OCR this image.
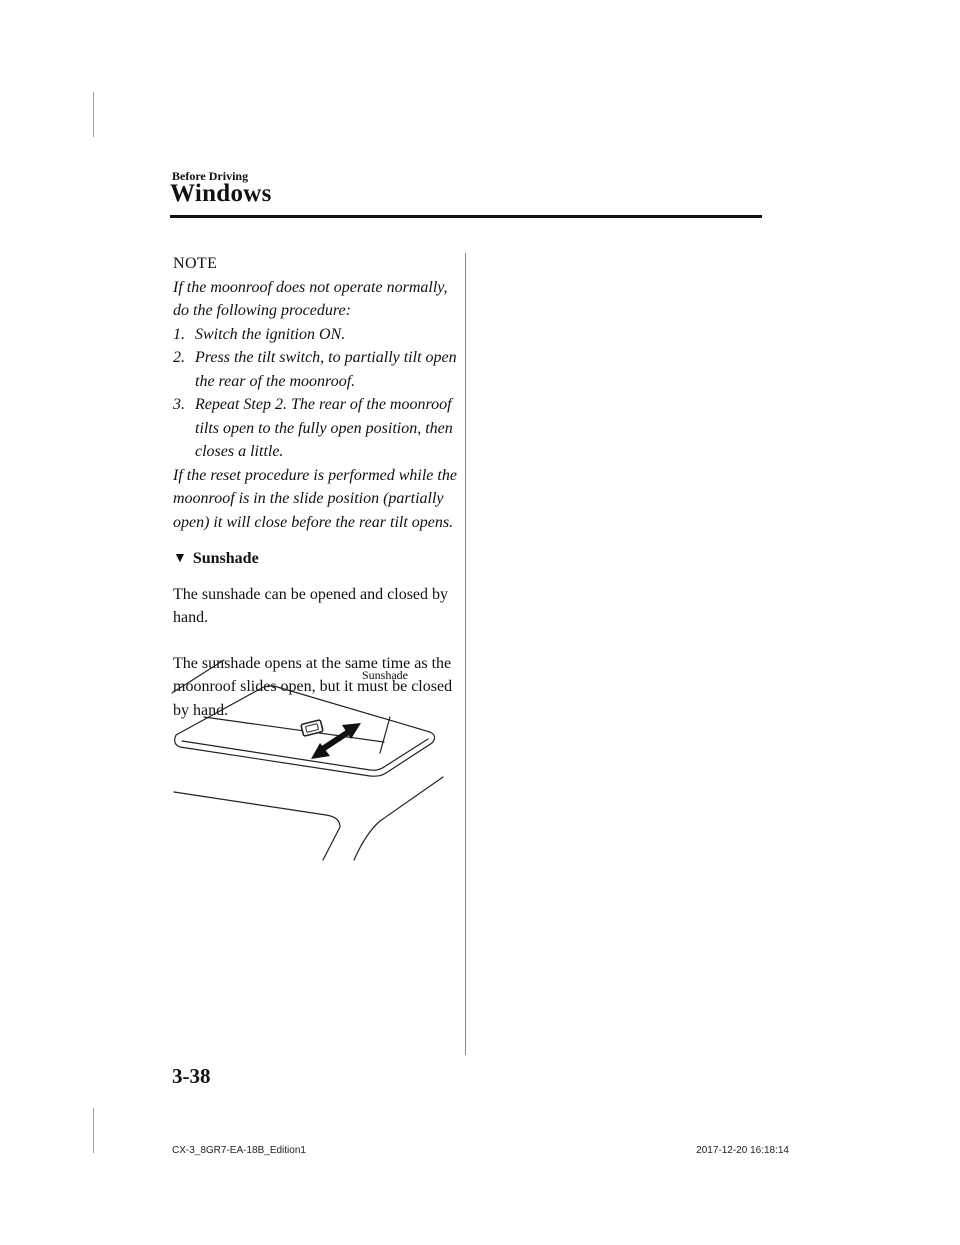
Before Driving
Windows
NOTE
If the moonroof does not operate normally, do the following procedure:
1. Switch the ignition ON.
2. Press the tilt switch, to partially tilt open the rear of the moonroof.
3. Repeat Step 2. The rear of the moonroof tilts open to the fully open position, then closes a little.
If the reset procedure is performed while the moonroof is in the slide position (partially open) it will close before the rear tilt opens.
▼ Sunshade
The sunshade can be opened and closed by hand.
The sunshade opens at the same time as the moonroof slides open, but it must be closed by hand.
Sunshade
3-38
CX-3_8GR7-EA-18B_Edition1	2017-12-20 16:18:14
